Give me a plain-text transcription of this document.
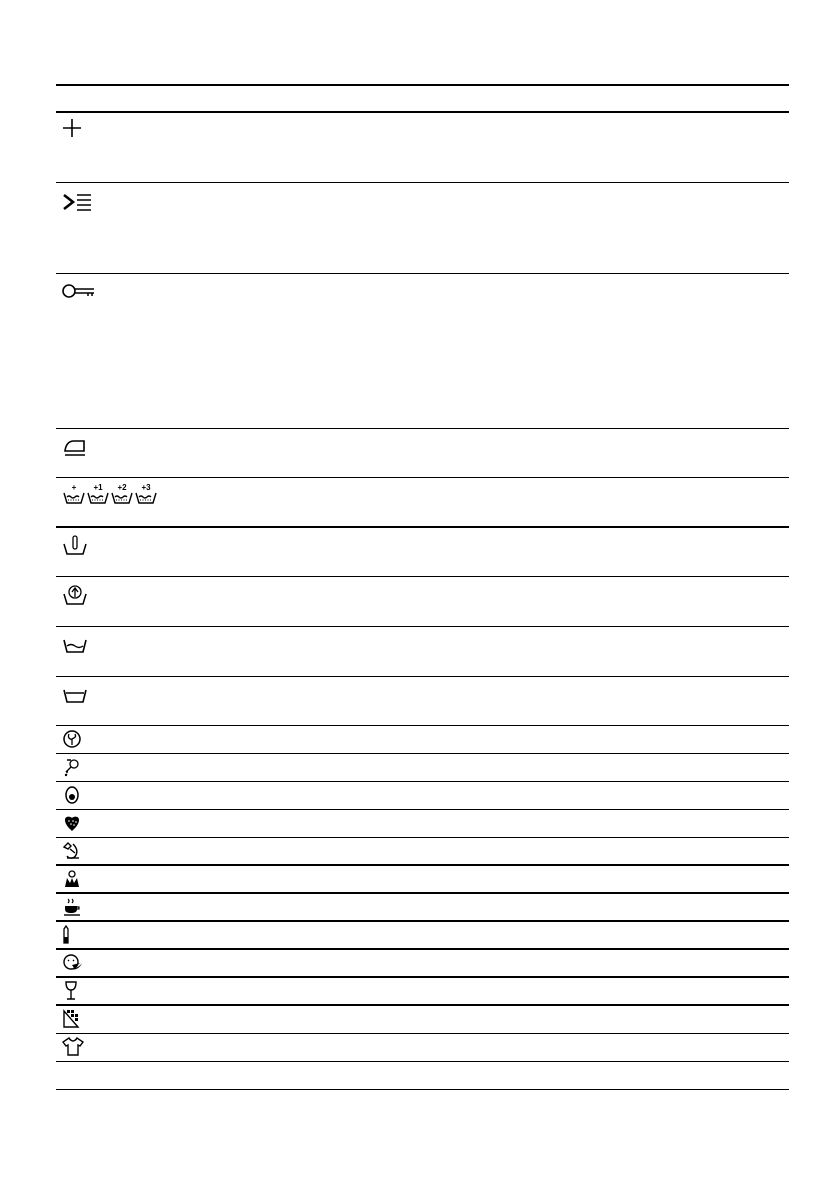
+ +1 +2 +3
